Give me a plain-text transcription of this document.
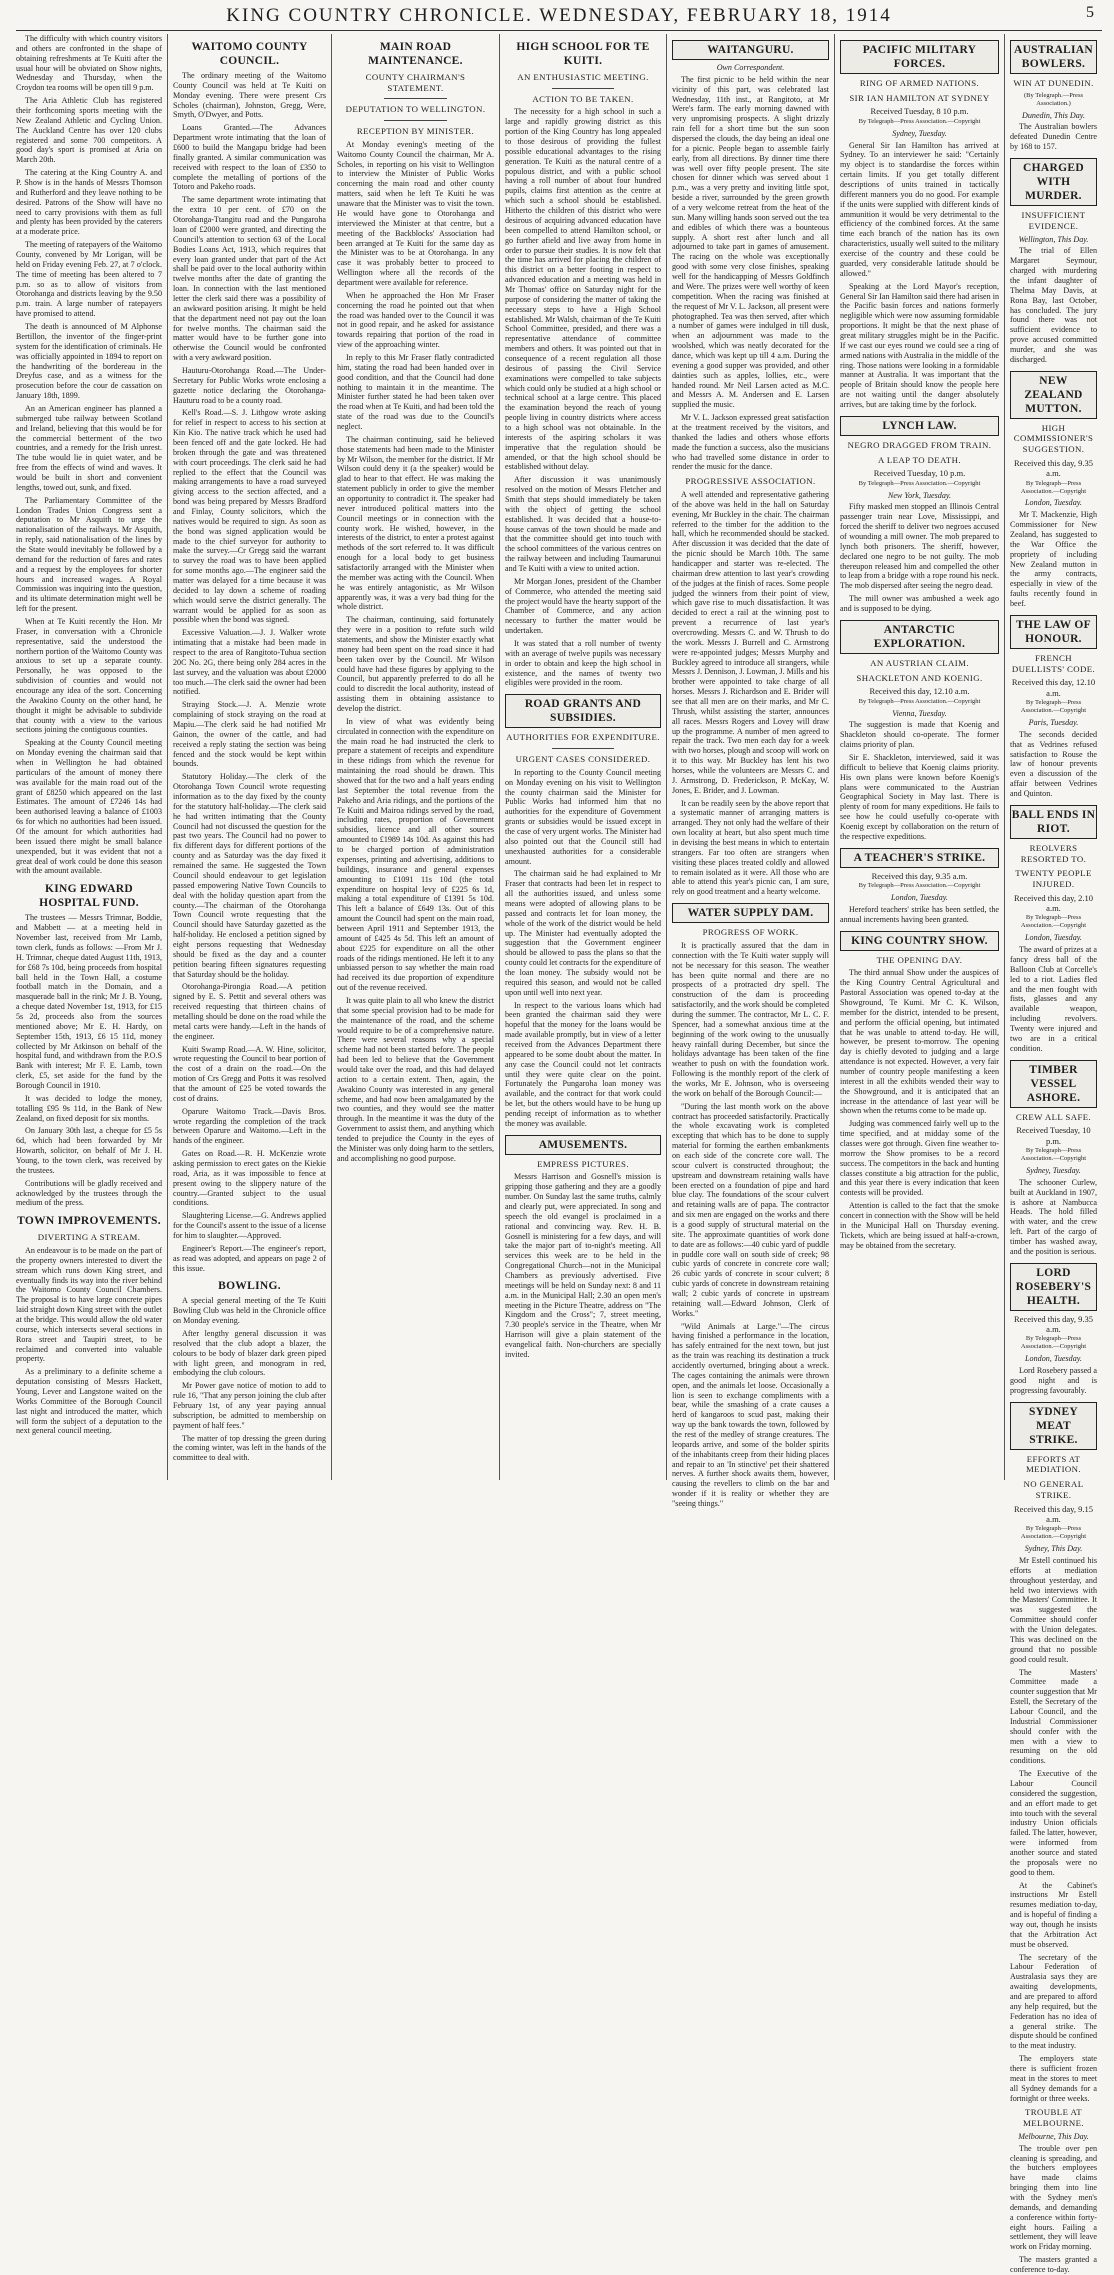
KING COUNTRY CHRONICLE. WEDNESDAY, FEBRUARY 18, 1914	5

The difficulty with which country visitors and others are confronted in the shape of obtaining refreshments at Te Kuiti after the usual hour will be obviated on Show nights, Wednesday and Thursday, when the Croydon tea rooms will be open till 9 p.m.

The Aria Athletic Club has registered their forthcoming sports meeting with the New Zealand Athletic and Cycling Union. The Auckland Centre has over 120 clubs registered and some 700 competitors. A good day's sport is promised at Aria on March 20th.

The catering at the King Country A. and P. Show is in the hands of Messrs Thomson and Rutherford and they leave nothing to be desired. Patrons of the Show will have no need to carry provisions with them as full and plenty has been provided by the caterers at a moderate price.

The meeting of ratepayers of the Waitomo County, convened by Mr Lorigan, will be held on Friday evening Feb. 27, at 7 o'clock. The time of meeting has been altered to 7 p.m. so as to allow of visitors from Otorohanga and districts leaving by the 9.50 p.m. train. A large number of ratepayers have promised to attend.

The death is announced of M Alphonse Bertillon, the inventor of the finger-print system for the identification of criminals. He was officially appointed in 1894 to report on the handwriting of the bordereau in the Dreyfus case, and as a witness for the prosecution before the cour de cassation on January 18th, 1899.

An an American engineer has planned a submerged tube railway between Scotland and Ireland, believing that this would be for the commercial betterment of the two countries, and a remedy for the Irish unrest. The tube would lie in quiet water, and be free from the effects of wind and waves. It would be built in short and convenient lengths, towed out, sunk, and fixed.

The Parliamentary Committee of the London Trades Union Congress sent a deputation to Mr Asquith to urge the nationalisation of the railways. Mr Asquith, in reply, said nationalisation of the lines by the State would inevitably be followed by a demand for the reduction of fares and rates and a request by the employees for shorter hours and increased wages. A Royal Commission was inquiring into the question, and its ultimate determination might well be left for the present.

When at Te Kuiti recently the Hon. Mr Fraser, in conversation with a Chronicle representative, said the understood the northern portion of the Waitomo County was anxious to set up a separate county. Personally, he was opposed to the subdivision of counties and would not encourage any idea of the sort. Concerning the Awakino County on the other hand, he thought it might be advisable to subdivide that county with a view to the various sections joining the contiguous counties.

Speaking at the County Council meeting on Monday evening the chairman said that when in Wellington he had obtained particulars of the amount of money there was available for the main road out of the grant of £8250 which appeared on the last Estimates. The amount of £7246 14s had been authorised leaving a balance of £1003 6s for which no authorities had been issued. Of the amount for which authorities had been issued there might be small balance unexpended, but it was evident that not a great deal of work could be done this season with the amount available.

KING EDWARD HOSPITAL FUND.

The trustees — Messrs Trimnar, Boddie, and Mabbett — at a meeting held in November last, received from Mr Lamb, town clerk, funds as follows: —From Mr J. H. Trimnar, cheque dated August 11th, 1913, for £68 7s 10d, being proceeds from hospital ball held in the Town Hall, a costume football match in the Domain, and a masquerade ball in the rink; Mr J. B. Young, a cheque dated November 1st, 1913, for £15 5s 2d, proceeds also from the sources mentioned above; Mr E. H. Hardy, on September 15th, 1913, £6 15 11d, money collected by Mr Atkinson on behalf of the hospital fund, and withdrawn from the P.O.S Bank with interest; Mr F. E. Lamb, town clerk, £5, set aside for the fund by the Borough Council in 1910.

It was decided to lodge the money, totalling £95 9s 11d, in the Bank of New Zealand, on fixed deposit for six months.

On January 30th last, a cheque for £5 5s 6d, which had been forwarded by Mr Howarth, solicitor, on behalf of Mr J. H. Young, to the town clerk, was received by the trustees.

Contributions will be gladly received and acknowledged by the trustees through the medium of the press.

TOWN IMPROVEMENTS.
DIVERTING A STREAM.

An endeavour is to be made on the part of the property owners interested to divert the stream which runs down King street, and eventually finds its way into the river behind the Waitomo County Council Chambers. The proposal is to have large concrete pipes laid straight down King street with the outlet at the bridge. This would allow the old water course, which intersects several sections in Rora street and Taupiri street, to be reclaimed and converted into valuable property.

As a preliminary to a definite scheme a deputation consisting of Messrs Hackett, Young, Lever and Langstone waited on the Works Committee of the Borough Council last night and introduced the matter, which will form the subject of a deputation to the next general council meeting.

WAITOMO COUNTY COUNCIL.

The ordinary meeting of the Waitomo County Council was held at Te Kuiti on Monday evening. There were present Crs Scholes (chairman), Johnston, Gregg, Were, Smyth, O'Dwyer, and Potts.

Loans Granted.—The Advances Department wrote intimating that the loan of £600 to build the Mangapu bridge had been finally granted. A similar communication was received with respect to the loan of £350 to complete the metalling of portions of the Totoro and Pakeho roads.

The same department wrote intimating that the extra 10 per cent. of £70 on the Otorohanga-Ttangitu road and the Pungaroha loan of £2000 were granted, and directing the Council's attention to section 63 of the Local Bodies Loans Act, 1913, which requires that every loan granted under that part of the Act shall be paid over to the local authority within twelve months after the date of granting the loan. In connection with the last mentioned letter the clerk said there was a possibility of an awkward position arising. It might be held that the department need not pay out the loan for twelve months. The chairman said the matter would have to be further gone into otherwise the Council would be confronted with a very awkward position.

Hauturu-Otorohanga Road.—The Under-Secretary for Public Works wrote enclosing a gazette notice declaring the Otorohanga-Hauturu road to be a county road.

Kell's Road.—S. J. Lithgow wrote asking for relief in respect to access to his section at Kin Kio. The native track which he used had been fenced off and the gate locked. He had broken through the gate and was threatened with court proceedings. The clerk said he had replied to the effect that the Council was making arrangements to have a road surveyed giving access to the section affected, and a bond was being prepared by Messrs Bradford and Finlay, County solicitors, which the natives would be required to sign. As soon as the bond was signed application would be made to the chief surveyor for authority to make the survey.—Cr Gregg said the warrant to survey the road was to have been applied for some months ago.—The engineer said the matter was delayed for a time because it was decided to lay down a scheme of roading which would serve the district generally. The warrant would be applied for as soon as possible when the bond was signed.

Excessive Valuation.—J. J. Walker wrote intimating that a mistake had been made in respect to the area of Rangitoto-Tuhua section 20C No. 2G, there being only 284 acres in the last survey, and the valuation was about £2000 too much.—The clerk said the owner had been notified.

Straying Stock.—J. A. Menzie wrote complaining of stock straying on the road at Mapiu.—The clerk said he had notified Mr Gainon, the owner of the cattle, and had received a reply stating the section was being fenced and the stock would be kept within bounds.

Statutory Holiday.—The clerk of the Otorohanga Town Council wrote requesting information as to the day fixed by the county for the statutory half-holiday.—The clerk said he had written intimating that the County Council had not discussed the question for the past two years. The Council had no power to fix different days for different portions of the county and as Saturday was the day fixed it remained the same. He suggested the Town Council should endeavour to get legislation passed empowering Native Town Councils to deal with the holiday question apart from the county.—The chairman of the Otorohanga Town Council wrote requesting that the Council should have Saturday gazetted as the half-holiday. He enclosed a petition signed by eight persons requesting that Wednesday should be fixed as the day and a counter petition bearing fifteen signatures requesting that Saturday should be the holiday.

Otorohanga-Pirongia Road.—A petition signed by E. S. Pettit and several others was received requesting that thirteen chains of metalling should be done on the road while the metal carts were handy.—Left in the hands of the engineer.

Kuiti Swamp Road.—A. W. Hine, solicitor, wrote requesting the Council to bear portion of the cost of a drain on the road.—On the motion of Crs Gregg and Potts it was resolved that the amount of £25 be voted towards the cost of drains.

Oparure Waitomo Track.—Davis Bros. wrote regarding the completion of the track between Oparure and Waitomo.—Left in the hands of the engineer.

Gates on Road.—R. H. McKenzie wrote asking permission to erect gates on the Kiekie road, Aria, as it was impossible to fence at present owing to the slippery nature of the country.—Granted subject to the usual conditions.

Slaughtering License.—G. Andrews applied for the Council's assent to the issue of a license for him to slaughter.—Approved.

Engineer's Report.—The engineer's report, as read was adopted, and appears on page 2 of this issue.

BOWLING.

A special general meeting of the Te Kuiti Bowling Club was held in the Chronicle office on Monday evening.

After lengthy general discussion it was resolved that the club adopt a blazer, the colours to be body of blazer dark green piped with light green, and monogram in red, embodying the club colours.

Mr Power gave notice of motion to add to rule 16, "That any person joining the club after February 1st, of any year paying annual subscription, be admitted to membership on payment of half fees."

The matter of top dressing the green during the coming winter, was left in the hands of the committee to deal with.

MAIN ROAD MAINTENANCE.
COUNTY CHAIRMAN'S STATEMENT.
DEPUTATION TO WELLINGTON.
RECEPTION BY MINISTER.

At Monday evening's meeting of the Waitomo County Council the chairman, Mr A. Scholes, in reporting on his visit to Wellington to interview the Minister of Public Works concerning the main road and other county matters, said when he left Te Kuiti he was unaware that the Minister was to visit the town. He would have gone to Otorohanga and interviewed the Minister at that centre, but a meeting of the Backblocks' Association had been arranged at Te Kuiti for the same day as the Minister was to be at Otorohanga. In any case it was probably better to proceed to Wellington where all the records of the department were available for reference.

When he approached the Hon Mr Fraser concerning the road he pointed out that when the road was handed over to the Council it was not in good repair, and he asked for assistance towards repairing that portion of the road in view of the approaching winter.

In reply to this Mr Fraser flatly contradicted him, stating the road had been handed over in good condition, and that the Council had done nothing to maintain it in the meantime. The Minister further stated he had been taken over the road when at Te Kuiti, and had been told the state of the road was due to the Council's neglect.

The chairman continuing, said he believed those statements had been made to the Minister by Mr Wilson, the member for the district. If Mr Wilson could deny it (a the speaker) would be glad to hear to that effect. He was making the statement publicly in order to give the member an opportunity to contradict it. The speaker had never introduced political matters into the Council meetings or in connection with the county work. He wished, however, in the interests of the district, to enter a protest against methods of the sort referred to. It was difficult enough for a local body to get business satisfactorily arranged with the Minister when the member was acting with the Council. When he was entirely antagonistic, as Mr Wilson apparently was, it was a very bad thing for the whole district.

The chairman, continuing, said fortunately they were in a position to refute such wild statements, and show the Minister exactly what money had been spent on the road since it had been taken over by the Council. Mr Wilson could have had these figures by applying to the Council, but apparently preferred to do all he could to discredit the local authority, instead of assisting them in obtaining assistance to develop the district.

In view of what was evidently being circulated in connection with the expenditure on the main road he had instructed the clerk to prepare a statement of receipts and expenditure in these ridings from which the revenue for maintaining the road should be drawn. This showed that for the two and a half years ending last September the total revenue from the Pakeho and Aria ridings, and the portions of the Te Kuiti and Mairoa ridings served by the road, including rates, proportion of Government subsidies, licence and all other sources amounted to £1989 14s 10d. As against this had to be charged portion of administration expenses, printing and advertising, additions to buildings, insurance and general expenses amounting to £1091 11s 10d (the total expenditure on hospital levy of £225 6s 1d, making a total expenditure of £1391 5s 10d. This left a balance of £649 13s. Out of this amount the Council had spent on the main road, between April 1911 and September 1913, the amount of £425 4s 5d. This left an amount of about £225 for expenditure on all the other roads of the ridings mentioned. He left it to any unbiassed person to say whether the main road had received its due proportion of expenditure out of the revenue received.

It was quite plain to all who knew the district that some special provision had to be made for the maintenance of the road, and the scheme would require to be of a comprehensive nature. There were several reasons why a special scheme had not been started before. The people had been led to believe that the Government would take over the road, and this had delayed action to a certain extent. Then, again, the Awakino County was interested in any general scheme, and had now been amalgamated by the two counties, and they would see the matter through. In the meantime it was the duty of the Government to assist them, and anything which tended to prejudice the County in the eyes of the Minister was only doing harm to the settlers, and accomplishing no good purpose.

HIGH SCHOOL FOR TE KUITI.
AN ENTHUSIASTIC MEETING.
ACTION TO BE TAKEN.

The necessity for a high school in such a large and rapidly growing district as this portion of the King Country has long appealed to those desirous of providing the fullest possible educational advantages to the rising generation. Te Kuiti as the natural centre of a populous district, and with a public school having a roll number of about four hundred pupils, claims first attention as the centre at which such a school should be established. Hitherto the children of this district who were desirous of acquiring advanced education have been compelled to attend Hamilton school, or go further afield and live away from home in order to pursue their studies. It is now felt that the time has arrived for placing the children of this district on a better footing in respect to advanced education and a meeting was held in Mr Thomas' office on Saturday night for the purpose of considering the matter of taking the necessary steps to have a High School established. Mr Walsh, chairman of the Te Kuiti School Committee, presided, and there was a representative attendance of committee members and others. It was pointed out that in consequence of a recent regulation all those desirous of passing the Civil Service examinations were compelled to take subjects which could only be studied at a high school or technical school at a large centre. This placed the examination beyond the reach of young people living in country districts where access to a high school was not obtainable. In the interests of the aspiring scholars it was imperative that the regulation should be amended, or that the high school should be established without delay.

After discussion it was unanimously resolved on the motion of Messrs Fletcher and Smith that steps should immediately be taken with the object of getting the school established. It was decided that a house-to-house canvas of the town should be made and that the committee should get into touch with the school committees of the various centres on the railway between and including Taumarunui and Te Kuiti with a view to united action.

Mr Morgan Jones, president of the Chamber of Commerce, who attended the meeting said the project would have the hearty support of the Chamber of Commerce, and any action necessary to further the matter would be undertaken.

It was stated that a roll number of twenty with an average of twelve pupils was necessary in order to obtain and keep the high school in existence, and the names of twenty two eligibles were provided in the room.

ROAD GRANTS AND SUBSIDIES.
AUTHORITIES FOR EXPENDITURE.
URGENT CASES CONSIDERED.

In reporting to the County Council meeting on Monday evening on his visit to Wellington the county chairman said the Minister for Public Works had informed him that no authorities for the expenditure of Government grants or subsidies would be issued except in the case of very urgent works. The Minister had also pointed out that the Council still had unexhausted authorities for a considerable amount.

The chairman said he had explained to Mr Fraser that contracts had been let in respect to all the authorities issued, and unless some means were adopted of allowing plans to be passed and contracts let for loan money, the whole of the work of the district would be held up. The Minister had eventually adopted the suggestion that the Government engineer should be allowed to pass the plans so that the county could let contracts for the expenditure of the loan money. The subsidy would not be required this season, and would not be called upon until well into next year.

In respect to the various loans which had been granted the chairman said they were hopeful that the money for the loans would be made available promptly, but in view of a letter received from the Advances Department there appeared to be some doubt about the matter. In any case the Council could not let contracts until they were quite clear on the point. Fortunately the Pungaroha loan money was available, and the contract for that work could be let, but the others would have to be hung up pending receipt of information as to whether the money was available.

AMUSEMENTS.
EMPRESS PICTURES.

Messrs Harrison and Gosnell's mission is gripping those gathering and they are a goodly number. On Sunday last the same truths, calmly and clearly put, were appreciated. In song and speech the old evangel is proclaimed in a rational and convincing way. Rev. H. B. Gosnell is ministering for a few days, and will take the major part of to-night's meeting. All services this week are to be held in the Congregational Church—not in the Municipal Chambers as previously advertised. Five meetings will be held on Sunday next: 8 and 11 a.m. in the Municipal Hall; 2.30 an open men's meeting in the Picture Theatre, address on "The Kingdom and the Cross"; 7, street meeting, 7.30 people's service in the Theatre, when Mr Harrison will give a plain statement of the evangelical faith. Non-churchers are specially invited.

WAITANGURU.
Own Correspondent.

The first picnic to be held within the near vicinity of this part, was celebrated last Wednesday, 11th inst., at Rangitoto, at Mr Were's farm. The early morning dawned with very unpromising prospects. A slight drizzly rain fell for a short time but the sun soon dispersed the clouds, the day being an ideal one for a picnic. People began to assemble fairly early, from all directions. By dinner time there was well over fifty people present. The site chosen for dinner which was served about 1 p.m., was a very pretty and inviting little spot, beside a river, surrounded by the green growth of a very welcome retreat from the heat of the sun. Many willing hands soon served out the tea and edibles of which there was a bounteous supply. A short rest after lunch and all adjourned to take part in games of amusement. The racing on the whole was exceptionally good with some very close finishes, speaking well for the handicapping of Messrs Goldfinch and Were. The prizes were well worthy of keen competition. When the racing was finished at the request of Mr V. L. Jackson, all present were photographed. Tea was then served, after which a number of games were indulged in till dusk, when an adjournment was made to the woolshed, which was neatly decorated for the dance, which was kept up till 4 a.m. During the evening a good supper was provided, and other dainties such as apples, lollies, etc., were handed round. Mr Neil Larsen acted as M.C. and Messrs A. M. Andersen and E. Larsen supplied the music.

Mr V. L. Jackson expressed great satisfaction at the treatment received by the visitors, and thanked the ladies and others whose efforts made the function a success, also the musicians who had travelled some distance in order to render the music for the dance.

PROGRESSIVE ASSOCIATION.

A well attended and representative gathering of the above was held in the hall on Saturday evening, Mr Buckley in the chair. The chairman referred to the timber for the addition to the hall, which he recommended should be stacked. After discussion it was decided that the date of the picnic should be March 10th. The same handicapper and starter was re-elected. The chairman drew attention to last year's crowding of the judges at the finish of races. Some people judged the winners from their point of view, which gave rise to much dissatisfaction. It was decided to erect a rail at the winning post to prevent a recurrence of last year's overcrowding. Messrs C. and W. Thrush to do the work. Messrs J. Burrell and C. Armstrong were re-appointed judges; Messrs Murphy and Buckley agreed to introduce all strangers, while Messrs J. Dennison, J. Lowman, J. Mills and his brother were appointed to take charge of all horses. Messrs J. Richardson and E. Brider will see that all men are on their marks, and Mr C. Thrush, whilst assisting the starter, announces all races. Messrs Rogers and Lovey will draw up the programme. A number of men agreed to repair the track. Two men each day for a week with two horses, plough and scoop will work on it to this way. Mr Buckley has lent his two horses, while the volunteers are Messrs C. and J. Armstrong, D. Frederickson, P. McKay, W. Jones, E. Brider, and J. Lowman.

It can be readily seen by the above report that a systematic manner of arranging matters is arranged. They not only had the welfare of their own locality at heart, but also spent much time in devising the best means in which to entertain strangers. Far too often are strangers when visiting these places treated coldly and allowed to remain isolated as it were. All those who are able to attend this year's picnic can, I am sure, rely on good treatment and a hearty welcome.

WATER SUPPLY DAM.
PROGRESS OF WORK.

It is practically assured that the dam in connection with the Te Kuiti water supply will not be necessary for this season. The weather has been quite normal and there are no prospects of a protracted dry spell. The construction of the dam is proceeding satisfactorily, and the work should be completed during the summer. The contractor, Mr L. C. F. Spencer, had a somewhat anxious time at the beginning of the work owing to the unusually heavy rainfall during December, but since the holidays advantage has been taken of the fine weather to push on with the foundation work. Following is the monthly report of the clerk of the works, Mr E. Johnson, who is overseeing the work on behalf of the Borough Council:—

"During the last month work on the above contract has proceeded satisfactorily. Practically the whole excavating work is completed excepting that which has to be done to supply material for forming the earthen embankments on each side of the concrete core wall. The scour culvert is constructed throughout; the upstream and downstream retaining walls have been erected on a foundation of pipe and hard blue clay. The foundations of the scour culvert and retaining walls are of papa. The contractor and six men are engaged on the works and there is a good supply of structural material on the site. The approximate quantities of work done to date are as follows:—40 cubic yard of puddle in puddle core wall on south side of creek; 98 cubic yards of concrete in concrete core wall; 26 cubic yards of concrete in scour culvert; 8 cubic yards of concrete in downstream retaining wall; 2 cubic yards of concrete in upstream retaining wall.—Edward Johnson, Clerk of Works."

"Wild Animals at Large."—The circus having finished a performance in the location, has safely entrained for the next town, but just as the train was reaching its destination a truck accidently overturned, bringing about a wreck. The cages containing the animals were thrown open, and the animals let loose. Occasionally a lion is seen to exchange compliments with a bear, while the smashing of a crate causes a herd of kangaroos to scud past, making their way up the bank towards the town, followed by the rest of the medley of strange creatures. The leopards arrive, and some of the bolder spirits of the inhabitants creep from their hiding places and repair to an 'In stinctive' pet their shattered nerves. A further shock awaits them, however, causing the revellers to climb on the bar and wonder if it is reality or whether they are "seeing things."

PACIFIC MILITARY FORCES.
RING OF ARMED NATIONS.
SIR IAN HAMILTON AT SYDNEY
Received Tuesday, 8 10 p.m.
By Telegraph—Press Association.—Copyright
Sydney, Tuesday.

General Sir Ian Hamilton has arrived at Sydney. To an interviewer he said: "Certainly my object is to standardise the forces within certain limits. If you get totally different descriptions of units trained in tactically different manners you do no good. For example if the units were supplied with different kinds of ammunition it would be very detrimental to the efficiency of the combined forces. At the same time each branch of the nation has its own characteristics, usually well suited to the military exercise of the country and these could be guarded, very considerable latitude should be allowed."

Speaking at the Lord Mayor's reception, General Sir Ian Hamilton said there had arisen in the Pacific basin forces and nations formerly negligible which were now assuming formidable proportions. It might be that the next phase of great military struggles might be in the Pacific. If we cast our eyes round we could see a ring of armed nations with Australia in the middle of the ring. Those nations were looking in a formidable manner at Australia. It was important that the people of Britain should know the people here are not waiting until the danger absolutely arrives, but are taking time by the forlock.

LYNCH LAW.
NEGRO DRAGGED FROM TRAIN.
A LEAP TO DEATH.
Received Tuesday, 10 p.m.
By Telegraph—Press Association.—Copyright
New York, Tuesday.

Fifty masked men stopped an Illinois Central passenger train near Love, Mississippi, and forced the sheriff to deliver two negroes accused of wounding a mill owner. The mob prepared to lynch both prisoners. The sheriff, however, declared one negro to be not guilty. The mob thereupon released him and compelled the other to leap from a bridge with a rope round his neck. The mob dispersed after seeing the negro dead.

The mill owner was ambushed a week ago and is supposed to be dying.

ANTARCTIC EXPLORATION.
AN AUSTRIAN CLAIM.
SHACKLETON AND KOENIG.
Received this day, 12.10 a.m.
By Telegraph—Press Association.—Copyright
Vienna, Tuesday.

The suggestion is made that Koenig and Shackleton should co-operate. The former claims priority of plan.

Sir E. Shackleton, interviewed, said it was difficult to believe that Koenig claims priority. His own plans were known before Koenig's plans were communicated to the Austrian Geographical Society in May last. There is plenty of room for many expeditions. He fails to see how he could usefully co-operate with Koenig except by collaboration on the return of the respective expeditions.

A TEACHER'S STRIKE.
Received this day, 9.35 a.m.
By Telegraph—Press Association.—Copyright
London, Tuesday.

Hereford teachers' strike has been settled, the annual increments having been granted.

KING COUNTRY SHOW.
THE OPENING DAY.

The third annual Show under the auspices of the King Country Central Agricultural and Pastoral Association was opened to-day at the Showground, Te Kumi. Mr C. K. Wilson, member for the district, intended to be present, and perform the official opening, but intimated that he was unable to attend to-day. He will, however, be present to-morrow. The opening day is chiefly devoted to judging and a large attendance is not expected. However, a very fair number of country people manifesting a keen interest in all the exhibits wended their way to the Showground, and it is anticipated that an increase in the attendance of last year will be shown when the returns come to be made up.

Judging was commenced fairly well up to the time specified, and at midday some of the classes were got through. Given fine weather to-morrow the Show promises to be a record success. The competitors in the back and hunting classes constitute a big attraction for the public, and this year there is every indication that keen contests will be provided.

Attention is called to the fact that the smoke concert in connection with the Show will be held in the Municipal Hall on Thursday evening. Tickets, which are being issued at half-a-crown, may be obtained from the secretary.

AUSTRALIAN BOWLERS.
WIN AT DUNEDIN.
(By Telegraph.—Press Association.)
Dunedin, This Day.

The Australian bowlers defeated Dunedin Centre by 168 to 157.

CHARGED WITH MURDER.
INSUFFICIENT EVIDENCE.
Wellington, This Day.

The trial of Ellen Margaret Seymour, charged with murdering the infant daughter of Thelma May Davis, at Rona Bay, last October, has concluded. The jury found there was not sufficient evidence to prove accused committed murder, and she was discharged.

NEW ZEALAND MUTTON.
HIGH COMMISSIONER'S SUGGESTION.
Received this day, 9.35 a.m.
By Telegraph—Press Association.—Copyright
London, Tuesday.

Mr T. Mackenzie, High Commissioner for New Zealand, has suggested to the War Office the propriety of including New Zealand mutton in the army contracts, especially in view of the faults recently found in beef.

THE LAW OF HONOUR.
FRENCH DUELLISTS' CODE.
Received this day, 12.10 a.m.
By Telegraph—Press Association.—Copyright
Paris, Tuesday.

The seconds decided that as Vedrines refused satisfaction to Rouse the law of honour prevents even a discussion of the affair between Vedrines and Quinton.

BALL ENDS IN RIOT.
REOLVERS RESORTED TO.
TWENTY PEOPLE INJURED.
Received this day, 2.10 a.m.
By Telegraph—Press Association.—Copyright
London, Tuesday.

The award of prizes at a fancy dress ball of the Balloon Club at Corcelle's led to a riot. Ladies fled and the men fought with fists, glasses and any available weapon, including revolvers. Twenty were injured and two are in a critical condition.

TIMBER VESSEL ASHORE.
CREW ALL SAFE.
Received Tuesday, 10 p.m.
By Telegraph—Press Association.—Copyright
Sydney, Tuesday.

The schooner Curlew, built at Auckland in 1907, is ashore at Nambucca Heads. The hold filled with water, and the crew left. Part of the cargo of timber has washed away, and the position is serious.

LORD ROSEBERY'S HEALTH.
Received this day, 9.35 a.m.
By Telegraph—Press Association.—Copyright
London, Tuesday.

Lord Rosebery passed a good night and is progressing favourably.

SYDNEY MEAT STRIKE.
EFFORTS AT MEDIATION.
NO GENERAL STRIKE.
Received this day, 9.15 a.m.
By Telegraph—Press Association.—Copyright
Sydney, This Day.

Mr Estell continued his efforts at mediation throughout yesterday, and held two interviews with the Masters' Committee. It was suggested the Committee should confer with the Union delegates. This was declined on the ground that no possible good could result.

The Masters' Committee made a counter suggestion that Mr Estell, the Secretary of the Labour Council, and the Industrial Commissioner should confer with the men with a view to resuming on the old conditions.

The Executive of the Labour Council considered the suggestion, and an effort made to get into touch with the several industry Union officials failed. The latter, however, were informed from another source and stated the proposals were no good to them.

At the Cabinet's instructions Mr Estell resumes mediation to-day, and is hopeful of finding a way out, though he insists that the Arbitration Act must be observed.

The secretary of the Labour Federation of Australasia says they are awaiting developments, and are prepared to afford any help required, but the Federation has no idea of a general strike. The dispute should be confined to the meat industry.

The employers state there is sufficient frozen meat in the stores to meet all Sydney demands for a fortnight or three weeks.

TROUBLE AT MELBOURNE.
Melbourne, This Day.

The trouble over pen cleaning is spreading, and the butchers employees have made claims bringing them into line with the Sydney men's demands, and demanding a conference within forty-eight hours. Failing a settlement, they will leave work on Friday morning.

The masters granted a conference to-day.
